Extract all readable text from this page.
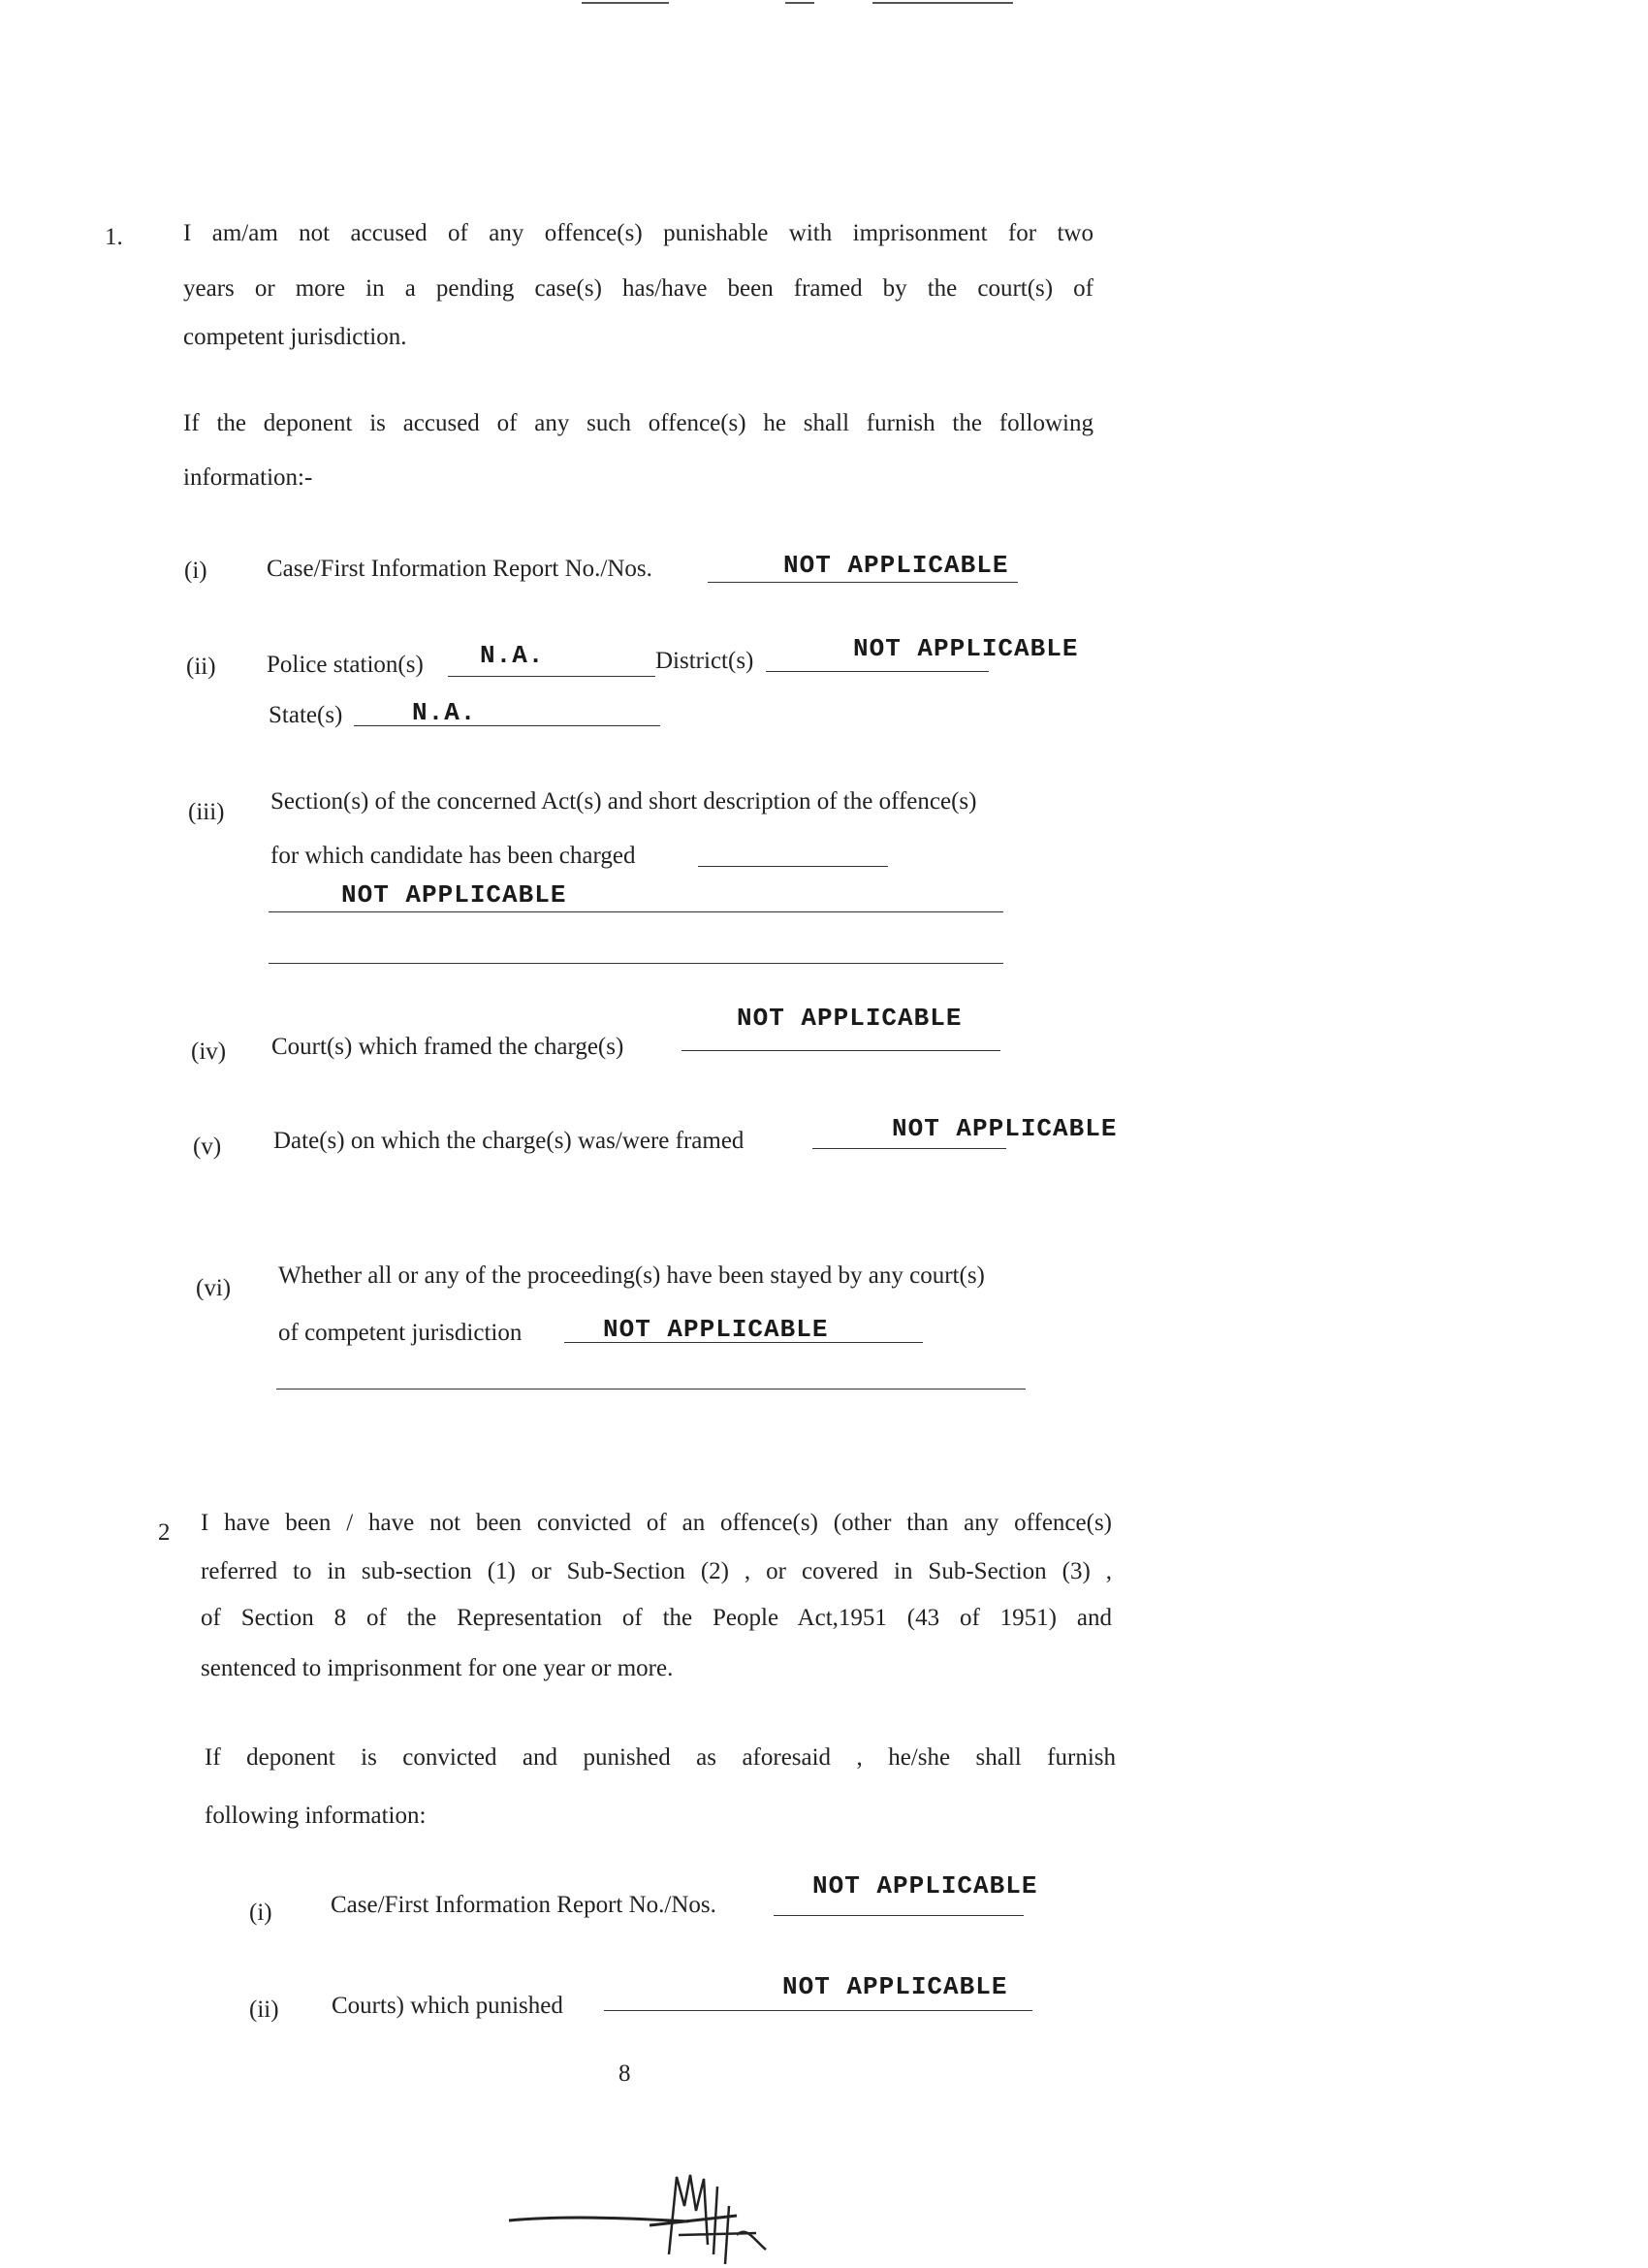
1. I am/am not accused of any offence(s) punishable with imprisonment for two
years or more in a pending case(s) has/have been framed by the court(s) of
competent jurisdiction.
If the deponent is accused of any such offence(s) he shall furnish the following
information:-
(i) Case/First Information Report No./Nos.	NOT APPLICABLE
(ii) Police station(s) N.A.	District(s)	NOT APPLICABLE
State(s)	N.A.
(iii) Section(s) of the concerned Act(s) and short description of the offence(s)
for which candidate has been charged
NOT APPLICABLE
(iv) Court(s) which framed the charge(s)
NOT APPLICABLE
(v) Date(s) on which the charge(s) was/were framed	NOT APPLICABLE
(vi) Whether all or any of the proceeding(s) have been stayed by any court(s)
of competent jurisdiction	NOT APPLICABLE
2 I have been / have not been convicted of an offence(s) (other than any offence(s)
referred to in sub-section (1) or Sub-Section (2) , or covered in Sub-Section (3) ,
of Section 8 of the Representation of the People Act,1951 (43 of 1951) and
sentenced to imprisonment for one year or more.
If deponent is convicted and punished as aforesaid , he/she shall furnish
following information:
(i) Case/First Information Report No./Nos.
NOT APPLICABLE
(ii) Courts) which punished
NOT APPLICABLE
8
